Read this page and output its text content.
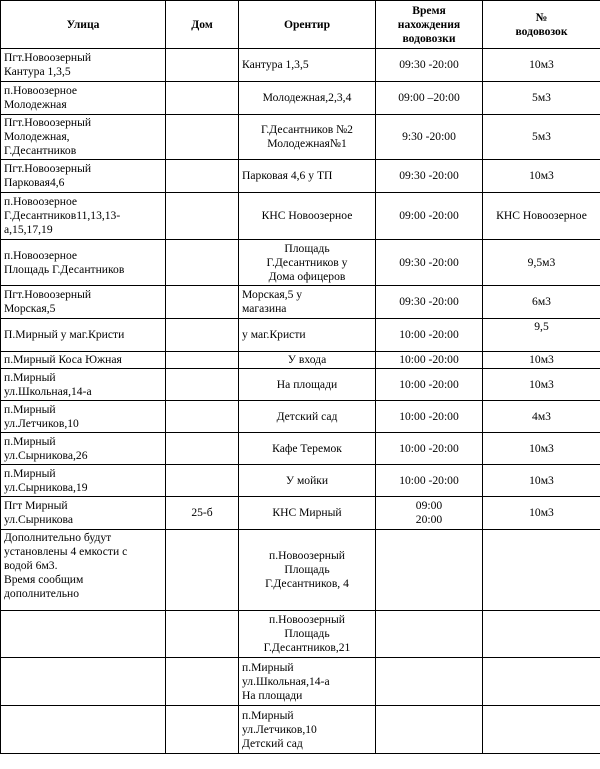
Улица	Дом	Орентир	
Время
нахождения
водовозки

№
водовозок

Пгт.Новоозерный
Кантура 1,3,5

Кантура 1,3,5	09:30 -20:00	10м3

п.Новоозерное
Молодежная

Молодежная,2,3,4	09:00 –20:00	5м3

Пгт.Новоозерный
Молодежная,
Г.Десантников

Г.Десантников №2
Молодежная№1

9:30 -20:00	5м3

Пгт.Новоозерный
Парковая4,6

Парковая 4,6 у ТП	09:30 -20:00	10м3

п.Новоозерное
Г.Десантников11,13,13-
а,15,17,19

КНС Новоозерное	09:00 -20:00	КНС Новоозерное

п.Новоозерное
Площадь Г.Десантников

Площадь
Г.Десантников у
Дома офицеров

09:30 -20:00	9,5м3

Пгт.Новоозерный
Морская,5

Морская,5 у
магазина

09:30 -20:00	6м3

П.Мирный у маг.Кристи		у маг.Кристи	10:00 -20:00
	9,5

п.Мирный Коса Южная		У входа	10:00 -20:00	10м3

п.Мирный
ул.Школьная,14-а

На площади	10:00 -20:00	10м3

п.Мирный
ул.Летчиков,10

Детский сад	10:00 -20:00	4м3

п.Мирный
ул.Сырникова,26

Кафе Теремок	10:00 -20:00	10м3

п.Мирный
ул.Сырникова,19

У мойки	10:00 -20:00	10м3

Пгт Мирный
ул.Сырникова
	25-б	КНС Мирный

09:00
20:00
	10м3

Дополнительно будут
установлены 4 емкости с
водой 6м3.
Время сообщим
дополнительно

п.Новоозерный
Площадь
Г.Десантников, 4

п.Новоозерный
Площадь
Г.Десантников,21

п.Мирный
ул.Школьная,14-а
На площади

п.Мирный
ул.Летчиков,10
Детский сад
